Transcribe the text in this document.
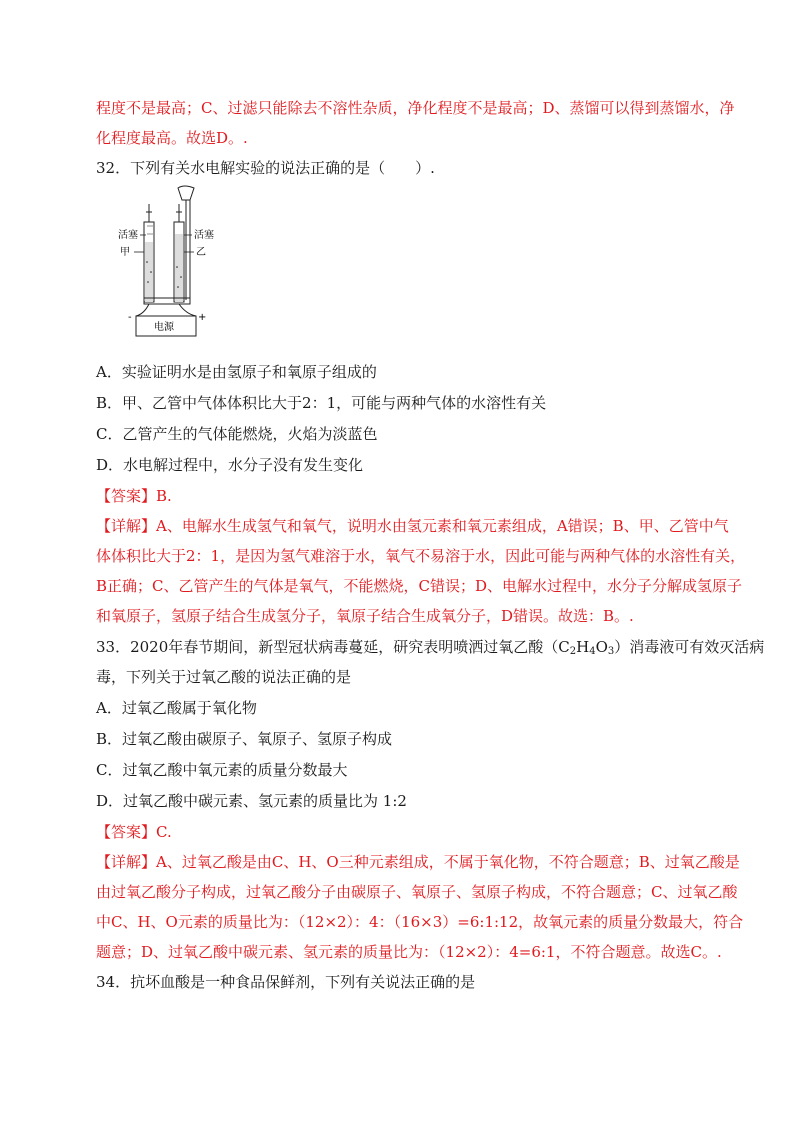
程度不是最高；C、过滤只能除去不溶性杂质，净化程度不是最高；D、蒸馏可以得到蒸馏水，净
化程度最高。故选D。.
32．下列有关水电解实验的说法正确的是（　　）.
活塞	活塞
甲	乙
电源
-	+
A．实验证明水是由氢原子和氧原子组成的
B．甲、乙管中气体体积比大于2：1，可能与两种气体的水溶性有关
C．乙管产生的气体能燃烧，火焰为淡蓝色
D．水电解过程中，水分子没有发生变化
【答案】B.
【详解】A、电解水生成氢气和氧气，说明水由氢元素和氧元素组成，A错误；B、甲、乙管中气
体体积比大于2：1，是因为氢气难溶于水，氧气不易溶于水，因此可能与两种气体的水溶性有关，
B正确；C、乙管产生的气体是氧气，不能燃烧，C错误；D、电解水过程中，水分子分解成氢原子
和氧原子，氢原子结合生成氢分子，氧原子结合生成氧分子，D错误。故选：B。.
33．2020年春节期间，新型冠状病毒蔓延，研究表明喷洒过氧乙酸$(C_2H_4O_3)$消毒液可有效灭活病
毒，下列关于过氧乙酸的说法正确的是
A．过氧乙酸属于氧化物
B．过氧乙酸由碳原子、氧原子、氢原子构成
C．过氧乙酸中氧元素的质量分数最大
D．过氧乙酸中碳元素、氢元素的质量比为 1:2
【答案】C.
【详解】A、过氧乙酸是由C、H、O三种元素组成，不属于氧化物，不符合题意；B、过氧乙酸是
由过氧乙酸分子构成，过氧乙酸分子由碳原子、氧原子、氢原子构成，不符合题意；C、过氧乙酸
中C、H、O元素的质量比为：（12×2）：4：（16×3）=6:1:12，故氧元素的质量分数最大，符合
题意；D、过氧乙酸中碳元素、氢元素的质量比为：（12×2）：4=6:1，不符合题意。故选C。.
34．抗坏血酸是一种食品保鲜剂，下列有关说法正确的是
